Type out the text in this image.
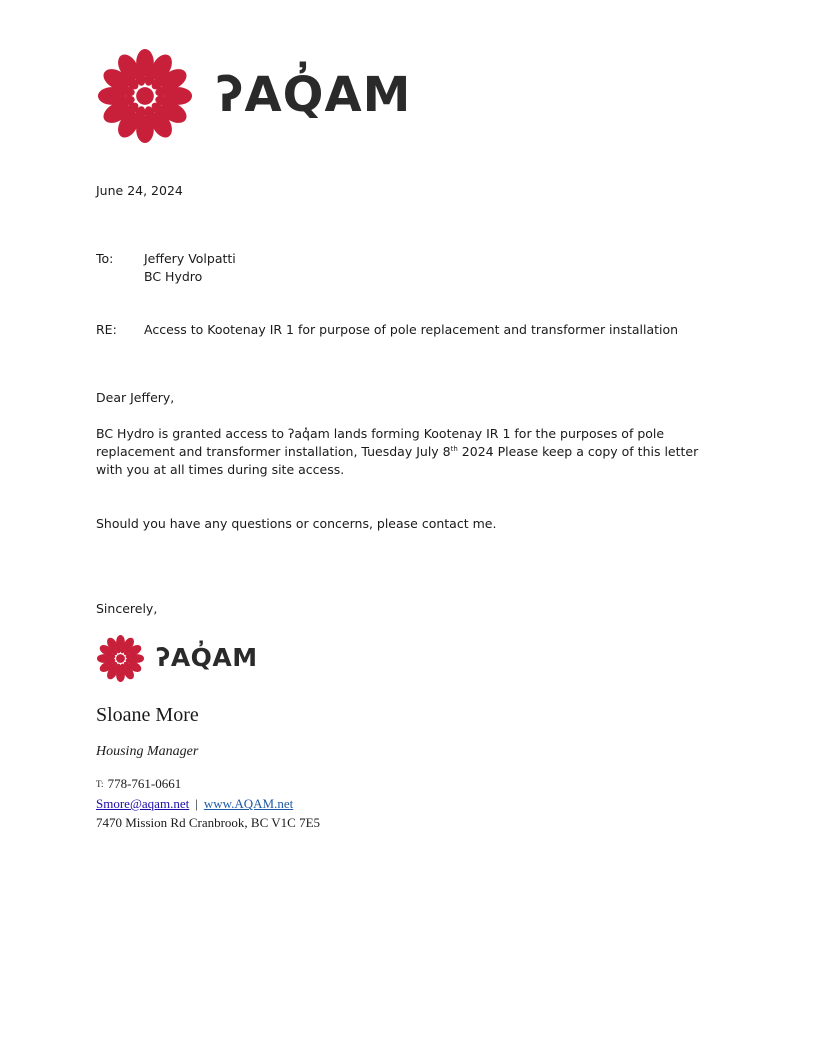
ʔAQ̓AM
June 24, 2024
To: Jeffery Volpatti
BC Hydro
RE: Access to Kootenay IR 1 for purpose of pole replacement and transformer installation
Dear Jeffery,
BC Hydro is granted access to ʔaq̓am lands forming Kootenay IR 1 for the purposes of pole
replacement and transformer installation, Tuesday July 8th 2024 Please keep a copy of this letter
with you at all times during site access.
Should you have any questions or concerns, please contact me.
Sincerely,
ʔAQ̓AM
Sloane More
Housing Manager
$^{T:}$ 778-761-0661
Smore@aqam.net | www.AQAM.net
7470 Mission Rd Cranbrook, BC V1C 7E5
